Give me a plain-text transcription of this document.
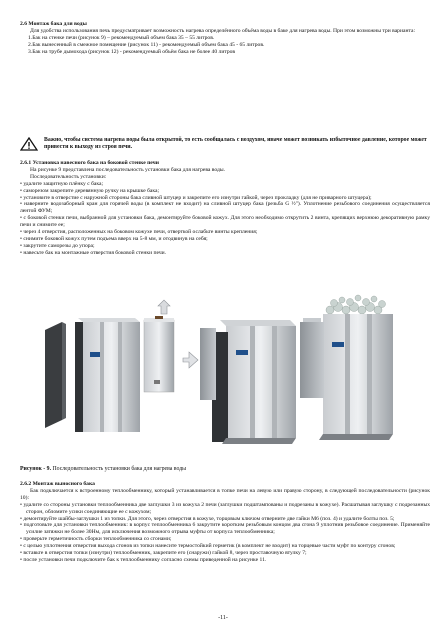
2.6 Монтаж бака для воды
Для удобства использования печь предусматривает возможность нагрева определённого объёма воды в баке для нагрева воды. При этом возможны три варианта:
1.Бак на стенке печи (рисунок 9) – рекомендуемый объем бака 35 – 55 литров.
2.Бак вынесенный в смежное помещение (рисунок 11) - рекомендуемый объем бака 45 - 65 литров.
3.Бак на трубе дымохода (рисунок 12) - рекомендуемый объём бака не более 40 литров
Важно, чтобы система нагрева воды была открытой, то есть сообщалась с воздухом, иначе может возникать избыточное давление, которое может привести к выходу из строя печи.
2.6.1 Установка навесного бака на боковой стенке печи
На рисунке 9 представлена последовательность установки бака для нагрева воды.
Последовательность установки:
• удалите защитную плёнку с бака;
• саморезом закрепите деревянную ручку на крышке бака;
• установите в отверстие с наружной стороны бака сливной штуцер и закрепите его изнутри гайкой, через прокладку (для не приварного штуцера);
• наверните водозаборный кран для горячей воды (в комплект не входит) на сливной штуцер бака (резьба G ½"). Уплотнение резьбового соединения осуществляется лентой ФУМ;
• с боковой стенки печи, выбранной для установки бака, демонтируйте боковой кожух. Для этого необходимо открутить 2 винта, крепящих верхнюю декоративную рамку печи и снимите ее;
• через 4 отверстия, расположенных на боковом кожухе печи, отверткой ослабьте винты крепления;
• снимите боковой кожух путем подъема вверх на 5-8 мм, и отодвинув на себя;
• закрутите саморезы до упора;
• навесьте бак на монтажные отверстия боковой стенки печи.
Рисунок - 9. Последовательность установки бака для нагрева воды
2.6.2 Монтаж выносного бака
Бак подключается к встроенному теплообменнику, который устанавливается в топке печи на левую или правую сторону, в следующей последовательности (рисунок 10):
• удалите со стороны установки теплообменника две заглушки 3 из кожуха 2 печи (заглушки подштампованы и подрезаны в кожухе). Расшатывая заглушку с подрезанных сторон, обломите усики соединяющие ее с кожухом;
• демонтируйте шайбы-заглушки 1 из топки. Для этого, через отверстия в кожухе, торцовым ключом отверните две гайки М6 (поз. 4) и удалите болты поз. 5;
• подготовьте для установки теплообменник: в корпус теплообменника 6 закрутите коротким резьбовым концом два сгона 9 уплотнив резьбовое соединение. Применяйте усилие затяжки не более 30Нм, для исключения возможного отрыва муфты от корпуса теплообменника;
• проверьте герметичность сборки теплообменника со сгонами;
• с целью уплотнения отверстия выхода сгонов из топки нанесите термостойкий герметик (в комплект не входит) на торцевые части муфт по контуру сгонов;
• вставьте в отверстия топки (изнутри) теплообменник, закрепите его (снаружи) гайкой 8, через проставочную втулку 7;
• после установки печи подключите бак к теплообменнику согласно схемы приведенной на рисунке 11.
-11-
